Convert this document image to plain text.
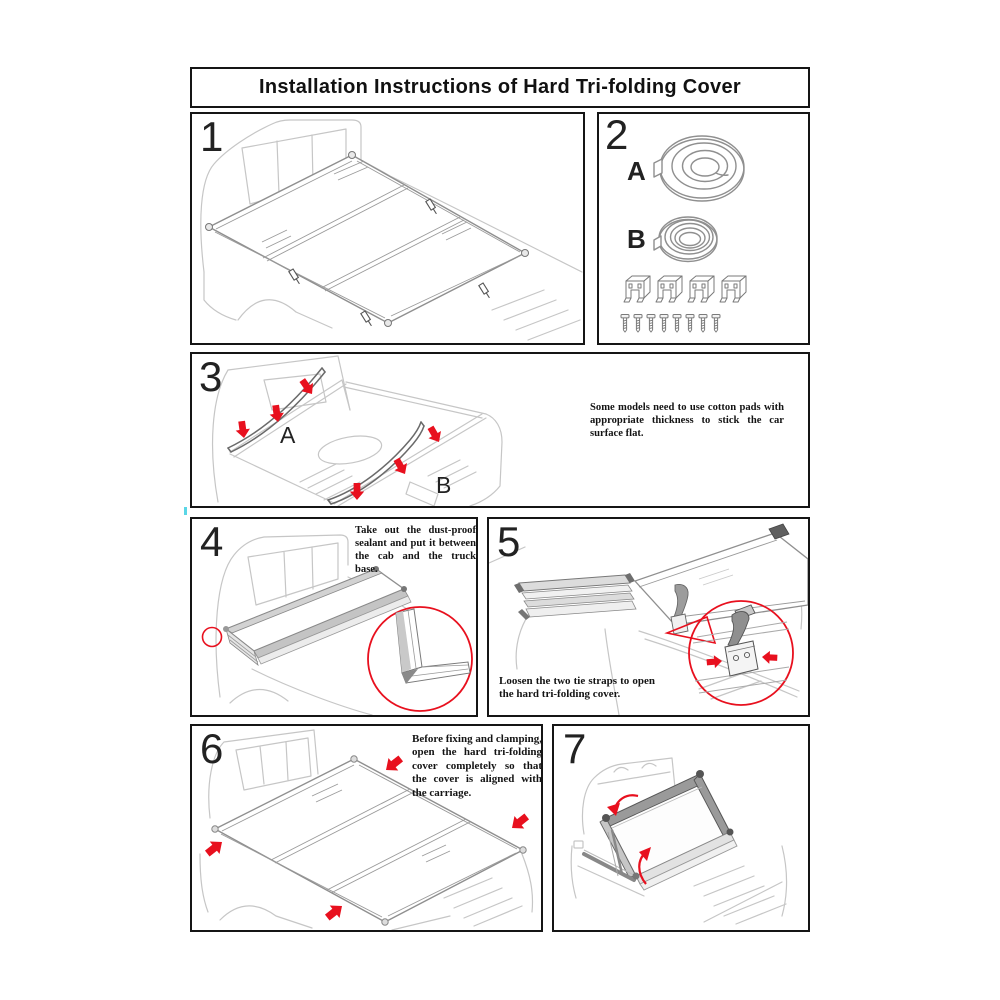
Installation Instructions of Hard Tri-folding Cover
1	2
A
B
3
A
B
Some models need to use cotton pads with appropriate thickness to stick the car surface flat.
4	Take out the dust-proof sealant and put it between the cab and the truck base.
5
Loosen the two tie straps to open the hard tri-folding cover.
6	Before fixing and clamping, open the hard tri-folding cover completely so that the cover is aligned with the carriage.
7
